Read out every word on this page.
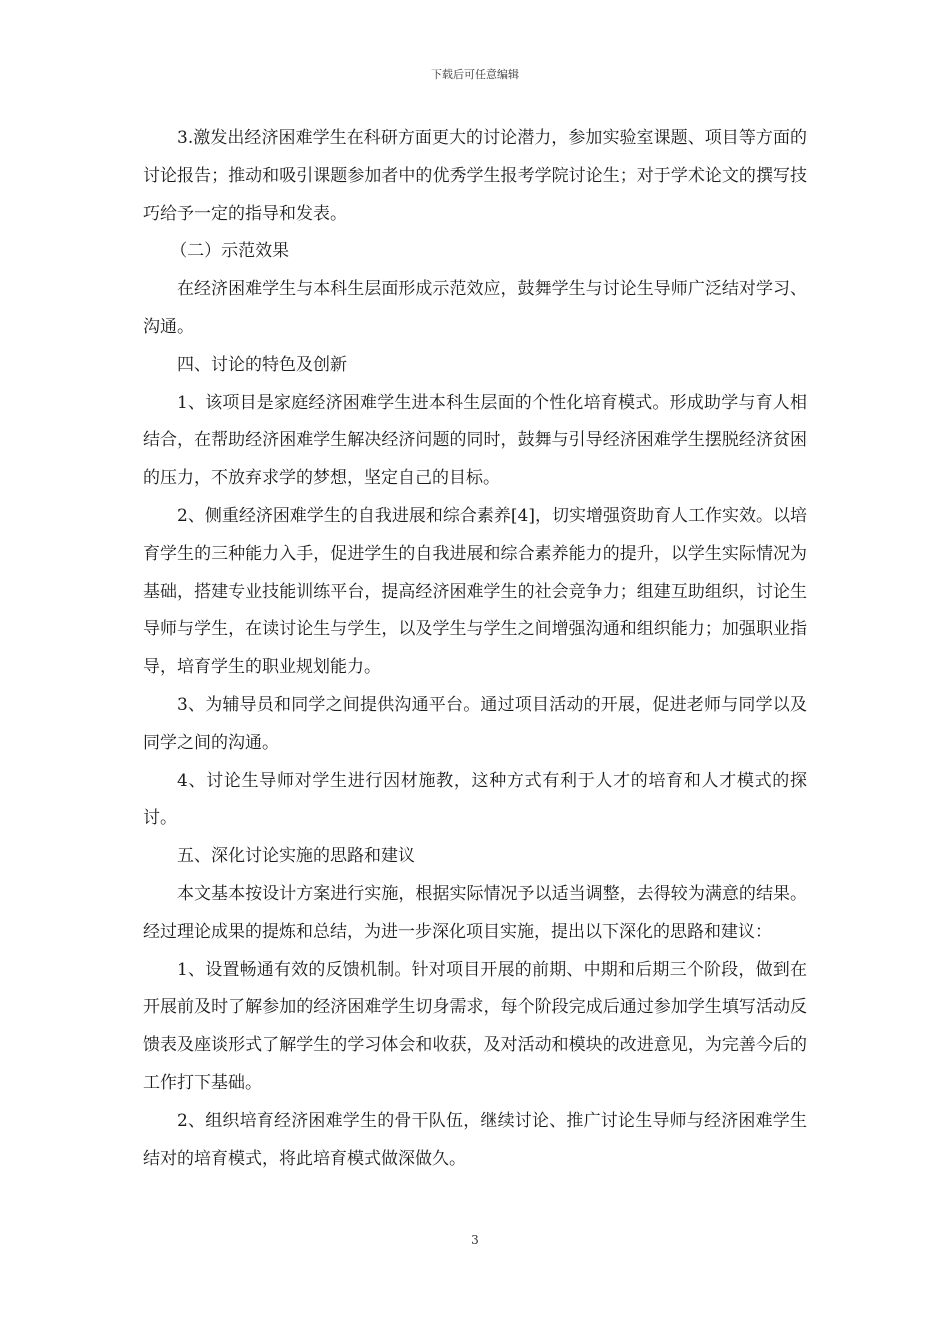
下载后可任意编辑

3.激发出经济困难学生在科研方面更大的讨论潜力，参加实验室课题、项目等方面的讨论报告；推动和吸引课题参加者中的优秀学生报考学院讨论生；对于学术论文的撰写技巧给予一定的指导和发表。

（二）示范效果

在经济困难学生与本科生层面形成示范效应，鼓舞学生与讨论生导师广泛结对学习、沟通。

四、讨论的特色及创新

1、该项目是家庭经济困难学生进本科生层面的个性化培育模式。形成助学与育人相结合，在帮助经济困难学生解决经济问题的同时，鼓舞与引导经济困难学生摆脱经济贫困的压力，不放弃求学的梦想，坚定自己的目标。

2、侧重经济困难学生的自我进展和综合素养[4]，切实增强资助育人工作实效。以培育学生的三种能力入手，促进学生的自我进展和综合素养能力的提升，以学生实际情况为基础，搭建专业技能训练平台，提高经济困难学生的社会竞争力；组建互助组织，讨论生导师与学生，在读讨论生与学生，以及学生与学生之间增强沟通和组织能力；加强职业指导，培育学生的职业规划能力。

3、为辅导员和同学之间提供沟通平台。通过项目活动的开展，促进老师与同学以及同学之间的沟通。

4、讨论生导师对学生进行因材施教，这种方式有利于人才的培育和人才模式的探讨。

五、深化讨论实施的思路和建议

本文基本按设计方案进行实施，根据实际情况予以适当调整，去得较为满意的结果。经过理论成果的提炼和总结，为进一步深化项目实施，提出以下深化的思路和建议：

1、设置畅通有效的反馈机制。针对项目开展的前期、中期和后期三个阶段，做到在开展前及时了解参加的经济困难学生切身需求，每个阶段完成后通过参加学生填写活动反馈表及座谈形式了解学生的学习体会和收获，及对活动和模块的改进意见，为完善今后的工作打下基础。

2、组织培育经济困难学生的骨干队伍，继续讨论、推广讨论生导师与经济困难学生结对的培育模式，将此培育模式做深做久。

3
